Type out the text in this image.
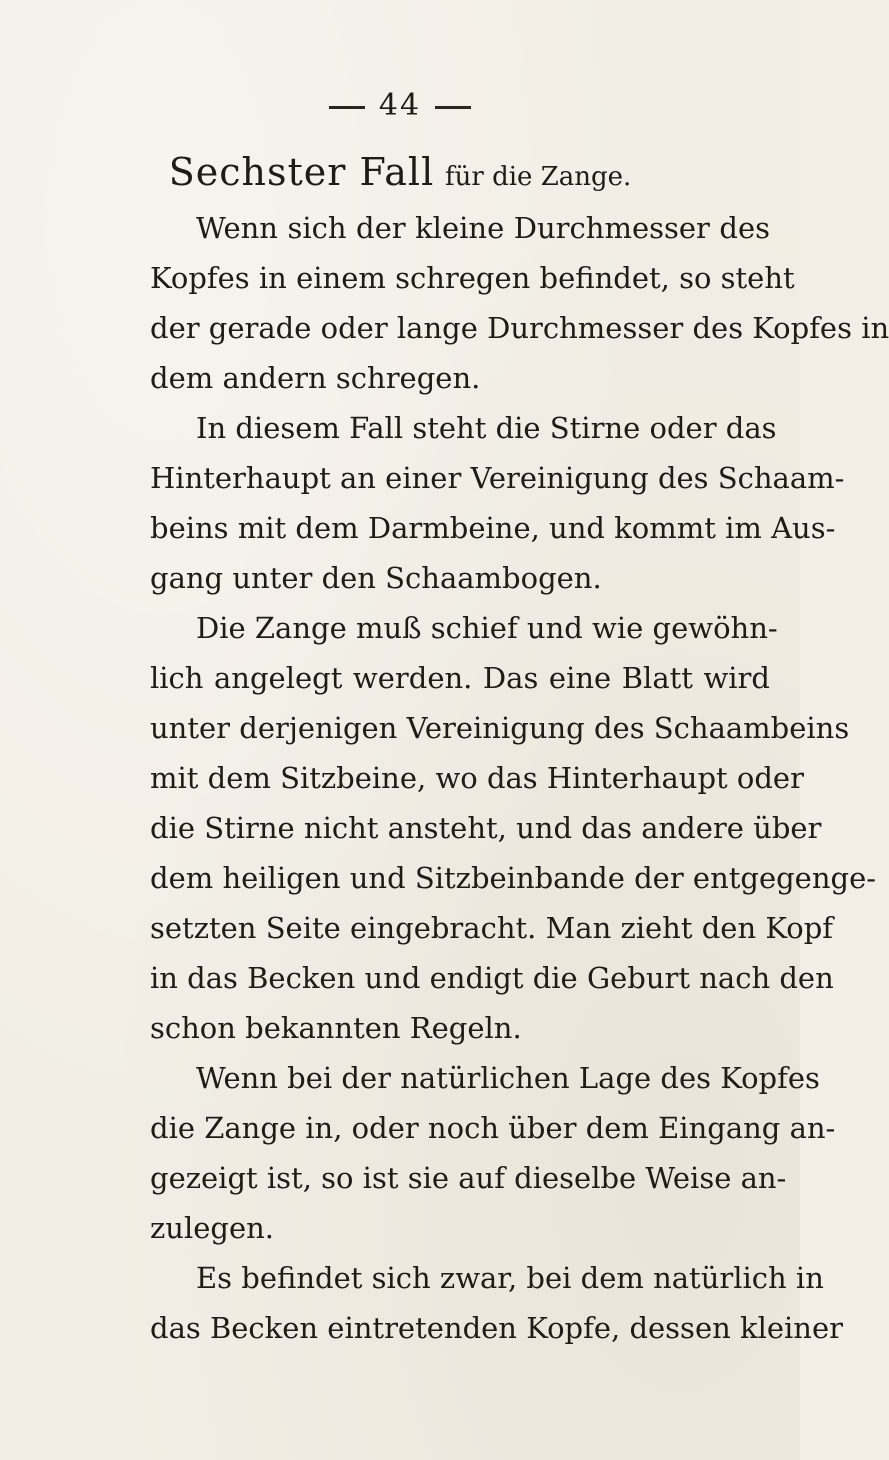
44
Sechster Fall für die Zange.
Wenn sich der kleine Durchmesser des
Kopfes in einem schregen befindet, so steht
der gerade oder lange Durchmesser des Kopfes in
dem andern schregen.
In diesem Fall steht die Stirne oder das
Hinterhaupt an einer Vereinigung des Schaam-
beins mit dem Darmbeine, und kommt im Aus-
gang unter den Schaambogen.
Die Zange muß schief und wie gewöhn-
lich angelegt werden. Das eine Blatt wird
unter derjenigen Vereinigung des Schaambeins
mit dem Sitzbeine, wo das Hinterhaupt oder
die Stirne nicht ansteht, und das andere über
dem heiligen und Sitzbeinbande der entgegenge-
setzten Seite eingebracht. Man zieht den Kopf
in das Becken und endigt die Geburt nach den
schon bekannten Regeln.
Wenn bei der natürlichen Lage des Kopfes
die Zange in, oder noch über dem Eingang an-
gezeigt ist, so ist sie auf dieselbe Weise an-
zulegen.
Es befindet sich zwar, bei dem natürlich in
das Becken eintretenden Kopfe, dessen kleiner
